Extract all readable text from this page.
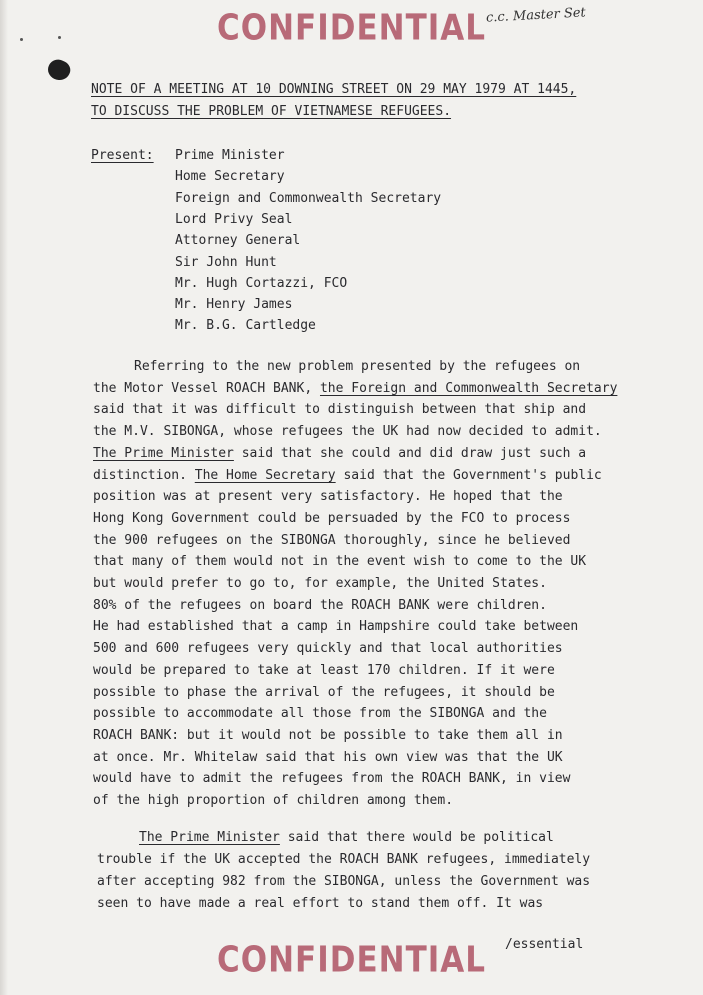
CONFIDENTIAL c.c. Master Set
NOTE OF A MEETING AT 10 DOWNING STREET ON 29 MAY 1979 AT 1445,
TO DISCUSS THE PROBLEM OF VIETNAMESE REFUGEES.
Present: Prime Minister
Home Secretary
Foreign and Commonwealth Secretary
Lord Privy Seal
Attorney General
Sir John Hunt
Mr. Hugh Cortazzi, FCO
Mr. Henry James
Mr. B.G. Cartledge
Referring to the new problem presented by the refugees on
the Motor Vessel ROACH BANK, the Foreign and Commonwealth Secretary
said that it was difficult to distinguish between that ship and
the M.V. SIBONGA, whose refugees the UK had now decided to admit.
The Prime Minister said that she could and did draw just such a
distinction. The Home Secretary said that the Government's public
position was at present very satisfactory. He hoped that the
Hong Kong Government could be persuaded by the FCO to process
the 900 refugees on the SIBONGA thoroughly, since he believed
that many of them would not in the event wish to come to the UK
but would prefer to go to, for example, the United States.
80% of the refugees on board the ROACH BANK were children.
He had established that a camp in Hampshire could take between
500 and 600 refugees very quickly and that local authorities
would be prepared to take at least 170 children. If it were
possible to phase the arrival of the refugees, it should be
possible to accommodate all those from the SIBONGA and the
ROACH BANK: but it would not be possible to take them all in
at once. Mr. Whitelaw said that his own view was that the UK
would have to admit the refugees from the ROACH BANK, in view
of the high proportion of children among them.
The Prime Minister said that there would be political
trouble if the UK accepted the ROACH BANK refugees, immediately
after accepting 982 from the SIBONGA, unless the Government was
seen to have made a real effort to stand them off. It was
CONFIDENTIAL	/essential
